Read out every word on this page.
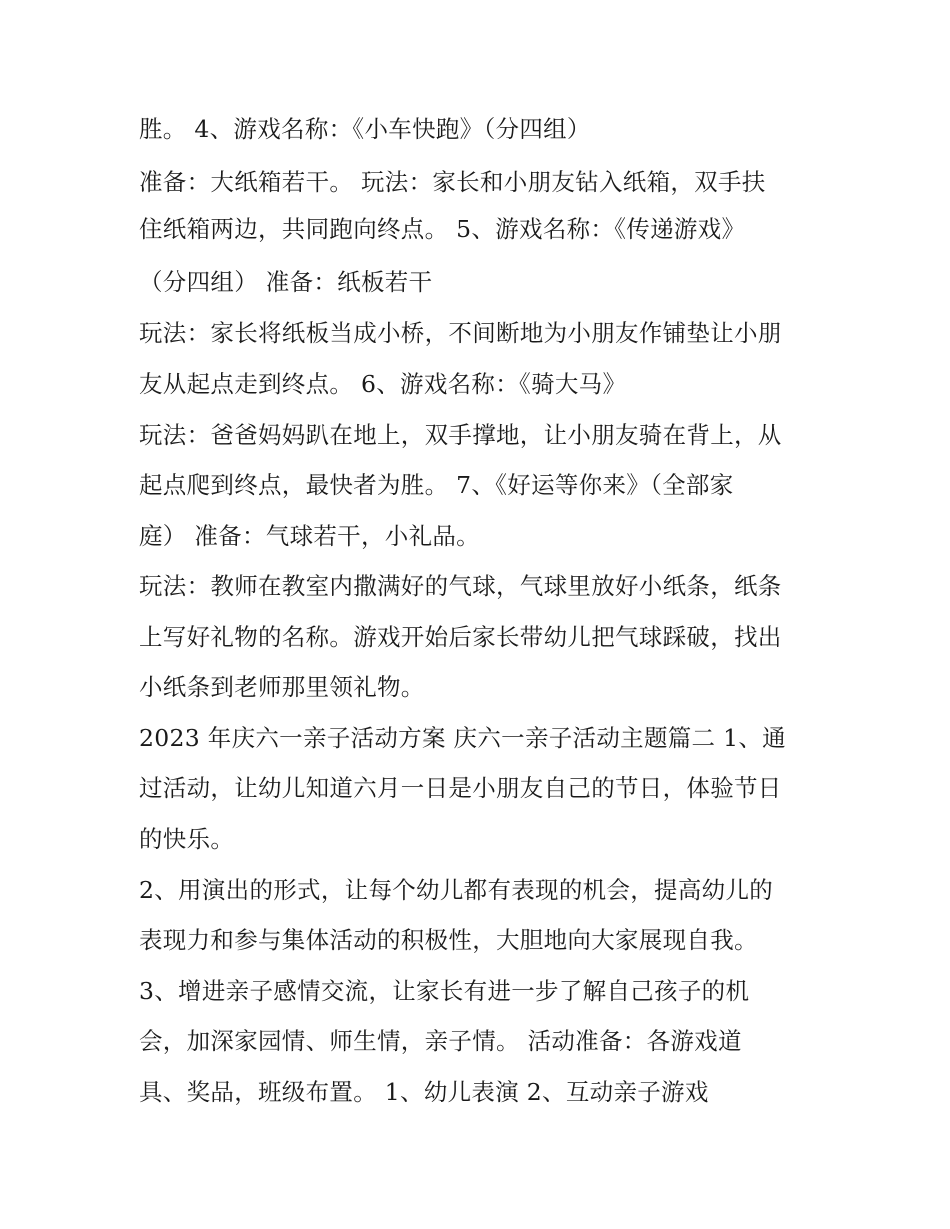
胜。 4、游戏名称：《小车快跑》（分四组）
准备：大纸箱若干。 玩法：家长和小朋友钻入纸箱，双手扶
住纸箱两边，共同跑向终点。 5、游戏名称：《传递游戏》
（分四组） 准备：纸板若干
玩法：家长将纸板当成小桥，不间断地为小朋友作铺垫让小朋
友从起点走到终点。 6、游戏名称：《骑大马》
玩法：爸爸妈妈趴在地上，双手撑地，让小朋友骑在背上，从
起点爬到终点，最快者为胜。 7、《好运等你来》（全部家
庭） 准备：气球若干，小礼品。
玩法：教师在教室内撒满好的气球，气球里放好小纸条，纸条
上写好礼物的名称。游戏开始后家长带幼儿把气球踩破，找出
小纸条到老师那里领礼物。
2023 年庆六一亲子活动方案 庆六一亲子活动主题篇二 1、通
过活动，让幼儿知道六月一日是小朋友自己的节日，体验节日
的快乐。
2、用演出的形式，让每个幼儿都有表现的机会，提高幼儿的
表现力和参与集体活动的积极性，大胆地向大家展现自我。
3、增进亲子感情交流，让家长有进一步了解自己孩子的机
会，加深家园情、师生情，亲子情。 活动准备：各游戏道
具、奖品，班级布置。 1、幼儿表演 2、互动亲子游戏
